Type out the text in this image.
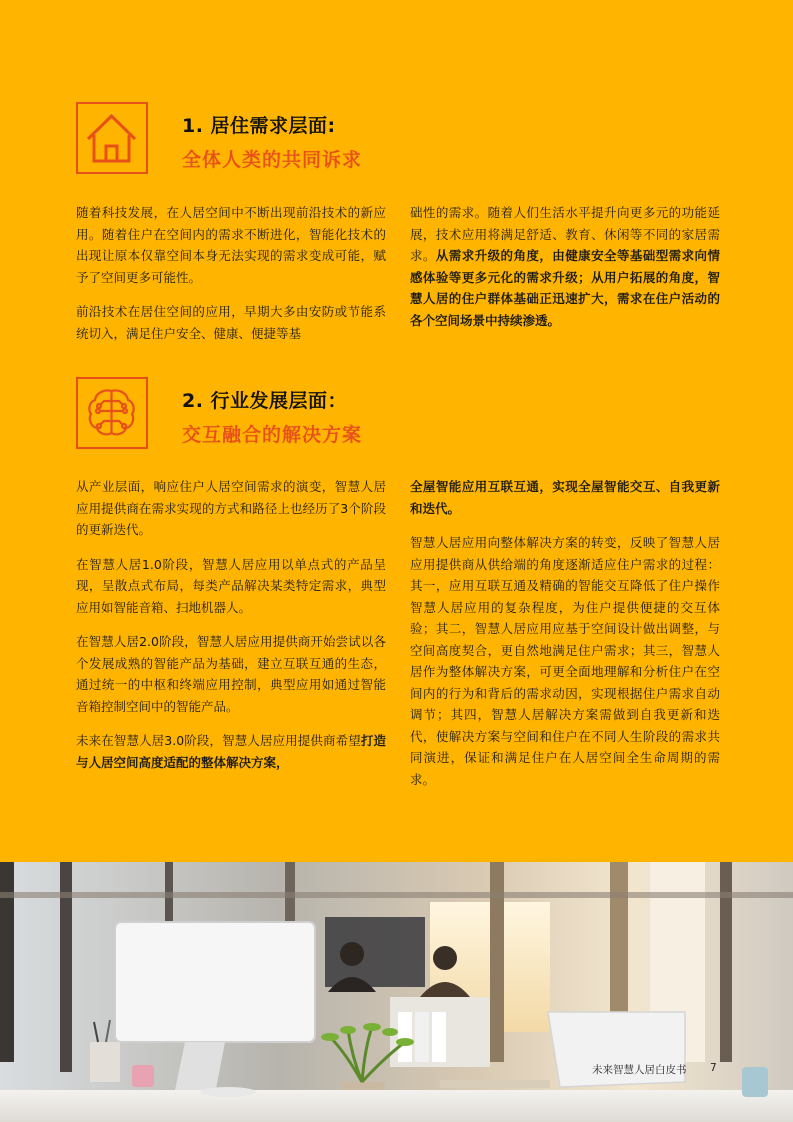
1. 居住需求层面:
全体人类的共同诉求

随着科技发展，在人居空间中不断出现前沿技术的新应用。随着住户在空间内的需求不断进化，智能化技术的出现让原本仅靠空间本身无法实现的需求变成可能，赋予了空间更多可能性。

前沿技术在居住空间的应用，早期大多由安防或节能系统切入，满足住户安全、健康、便捷等基

础性的需求。随着人们生活水平提升向更多元的功能延展，技术应用将满足舒适、教育、休闲等不同的家居需求。从需求升级的角度，由健康安全等基础型需求向情感体验等更多元化的需求升级；从用户拓展的角度，智慧人居的住户群体基础正迅速扩大，需求在住户活动的各个空间场景中持续渗透。

2. 行业发展层面：
交互融合的解决方案

从产业层面，响应住户人居空间需求的演变，智慧人居应用提供商在需求实现的方式和路径上也经历了3个阶段的更新迭代。

在智慧人居1.0阶段，智慧人居应用以单点式的产品呈现，呈散点式布局，每类产品解决某类特定需求，典型应用如智能音箱、扫地机器人。

在智慧人居2.0阶段，智慧人居应用提供商开始尝试以各个发展成熟的智能产品为基础，建立互联互通的生态，通过统一的中枢和终端应用控制，典型应用如通过智能音箱控制空间中的智能产品。

未来在智慧人居3.0阶段，智慧人居应用提供商希望打造与人居空间高度适配的整体解决方案，

全屋智能应用互联互通，实现全屋智能交互、自我更新和迭代。

智慧人居应用向整体解决方案的转变，反映了智慧人居应用提供商从供给端的角度逐渐适应住户需求的过程：其一，应用互联互通及精确的智能交互降低了住户操作智慧人居应用的复杂程度，为住户提供便捷的交互体验；其二，智慧人居应用应基于空间设计做出调整，与空间高度契合，更自然地满足住户需求；其三，智慧人居作为整体解决方案，可更全面地理解和分析住户在空间内的行为和背后的需求动因，实现根据住户需求自动调节；其四，智慧人居解决方案需做到自我更新和迭代，使解决方案与空间和住户在不同人生阶段的需求共同演进，保证和满足住户在人居空间全生命周期的需求。

未来智慧人居白皮书 7
